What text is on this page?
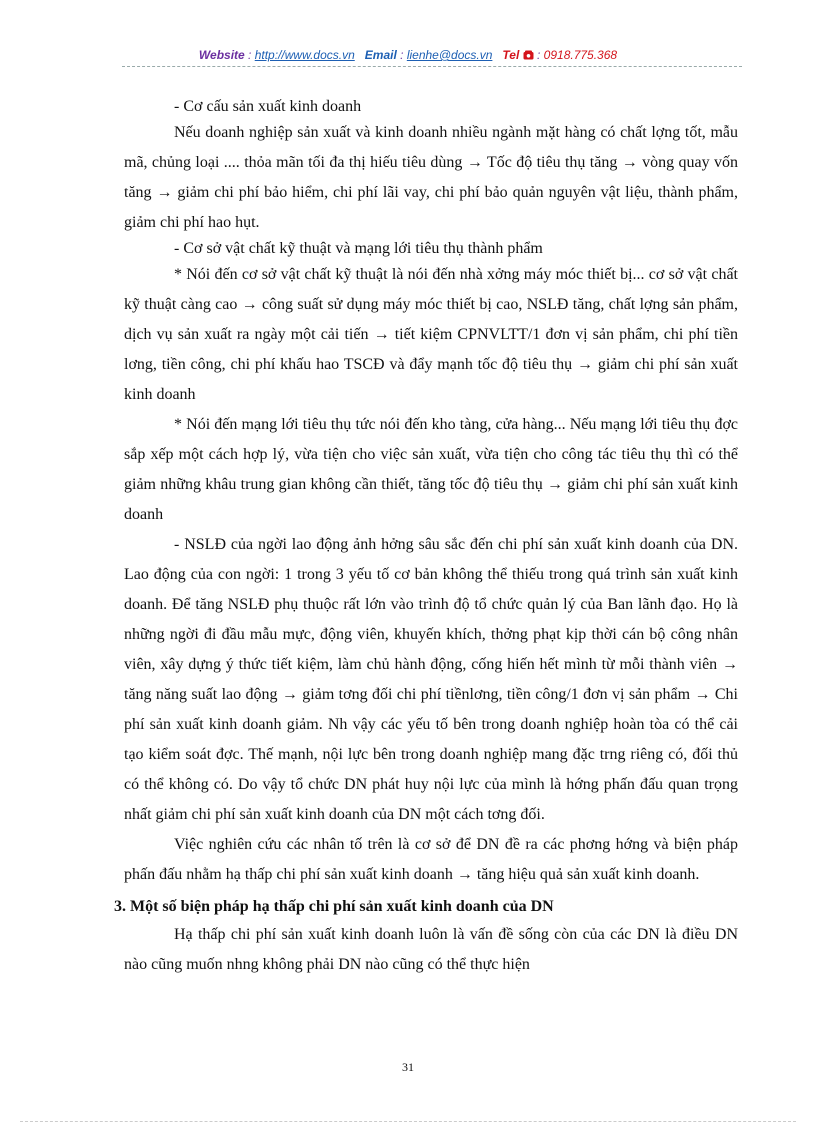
Website : http://www.docs.vn Email : lienhe@docs.vn Tel  : 0918.775.368

- Cơ cấu sản xuất kinh doanh

Nếu doanh nghiệp sản xuất và kinh doanh nhiều ngành mặt hàng có chất lợng tốt, mẫu mã, chủng loại .... thỏa mãn tối đa thị hiếu tiêu dùng → Tốc độ tiêu thụ tăng → vòng quay vốn tăng → giảm chi phí bảo hiểm, chi phí lãi vay, chi phí bảo quản nguyên vật liệu, thành phẩm, giảm chi phí hao hụt.

- Cơ sở vật chất kỹ thuật và mạng lới tiêu thụ thành phẩm

* Nói đến cơ sở vật chất kỹ thuật là nói đến nhà xởng máy móc thiết bị... cơ sở vật chất kỹ thuật càng cao → công suất sử dụng máy móc thiết bị cao, NSLĐ tăng, chất lợng sản phẩm, dịch vụ sản xuất ra ngày một cải tiến → tiết kiệm CPNVLTT/1 đơn vị sản phẩm, chi phí tiền lơng, tiền công, chi phí khấu hao TSCĐ và đẩy mạnh tốc độ tiêu thụ → giảm chi phí sản xuất kinh doanh

* Nói đến mạng lới tiêu thụ tức nói đến kho tàng, cửa hàng... Nếu mạng lới tiêu thụ đợc sắp xếp một cách hợp lý, vừa tiện cho việc sản xuất, vừa tiện cho công tác tiêu thụ thì có thể giảm những khâu trung gian không cần thiết, tăng tốc độ tiêu thụ → giảm chi phí sản xuất kinh doanh

- NSLĐ của ngời lao động ảnh hởng sâu sắc đến chi phí sản xuất kinh doanh của DN. Lao động của con ngời: 1 trong 3 yếu tố cơ bản không thể thiếu trong quá trình sản xuất kinh doanh. Để tăng NSLĐ phụ thuộc rất lớn vào trình độ tổ chức quản lý của Ban lãnh đạo. Họ là những ngời đi đầu mẫu mực, động viên, khuyến khích, thởng phạt kịp thời cán bộ công nhân viên, xây dựng ý thức tiết kiệm, làm chủ hành động, cống hiến hết mình từ mỗi thành viên → tăng năng suất lao động → giảm tơng đối chi phí tiềnlơng, tiền công/1 đơn vị sản phẩm → Chi phí sản xuất kinh doanh giảm. Nh vậy các yếu tố bên trong doanh nghiệp hoàn tòa có thể cải tạo kiểm soát đợc. Thế mạnh, nội lực bên trong doanh nghiệp mang đặc trng riêng có, đối thủ có thể không có. Do vậy tổ chức DN phát huy nội lực của mình là hớng phấn đấu quan trọng nhất giảm chi phí sản xuất kinh doanh của DN một cách tơng đối.

Việc nghiên cứu các nhân tố trên là cơ sở để DN đề ra các phơng hớng và biện pháp phấn đấu nhằm hạ thấp chi phí sản xuất kinh doanh → tăng hiệu quả sản xuất kinh doanh.

3. Một số biện pháp hạ thấp chi phí sản xuất kinh doanh của DN

Hạ thấp chi phí sản xuất kinh doanh luôn là vấn đề sống còn của các DN là điều DN nào cũng muốn nhng không phải DN nào cũng có thể thực hiện

31
